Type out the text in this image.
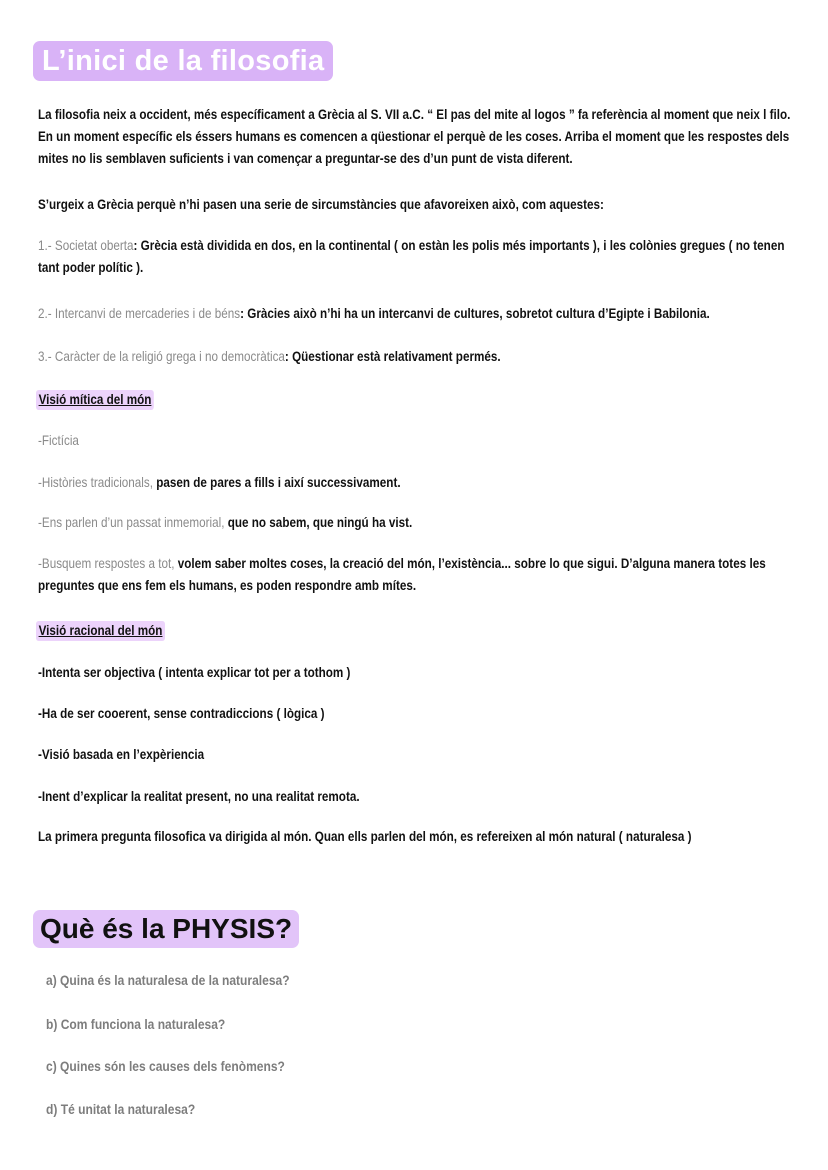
L’inici de la filosofia
La filosofia neix a occident, més específicament a Grècia al S. VII a.C. “ El pas del mite al logos ” fa referència al moment que neix l filo. En un moment específic els éssers humans es comencen a qüestionar el perquè de les coses. Arriba el moment que les respostes dels mites no lis semblaven suficients i van començar a preguntar-se des d’un punt de vista diferent.
S’urgeix a Grècia perquè n’hi pasen una serie de sircumstàncies que afavoreixen això, com aquestes:
1.- Societat oberta: Grècia està dividida en dos, en la continental ( on estàn les polis més importants ), i les colònies gregues ( no tenen tant poder polític ).
2.- Intercanvi de mercaderies i de béns: Gràcies això n’hi ha un intercanvi de cultures, sobretot cultura d’Egipte i Babilonia.
3.- Caràcter de la religió grega i no democràtica: Qüestionar està relativament permés.
Visió mítica del món
-Fictícia
-Històries tradicionals, pasen de pares a fills i així successivament.
-Ens parlen d’un passat inmemorial, que no sabem, que ningú ha vist.
-Busquem respostes a tot, volem saber moltes coses, la creació del món, l’existència... sobre lo que sigui. D’alguna manera totes les preguntes que ens fem els humans, es poden respondre amb mítes.
Visió racional del món
-Intenta ser objectiva ( intenta explicar tot per a tothom )
-Ha de ser cooerent, sense contradiccions ( lògica )
-Visió basada en l’expèriencia
-Inent d’explicar la realitat present, no una realitat remota.
La primera pregunta filosofica va dirigida al món. Quan ells parlen del món, es refereixen al món natural ( naturalesa )
Què és la PHYSIS?
a) Quina és la naturalesa de la naturalesa?
b) Com funciona la naturalesa?
c) Quines són les causes dels fenòmens?
d) Té unitat la naturalesa?
